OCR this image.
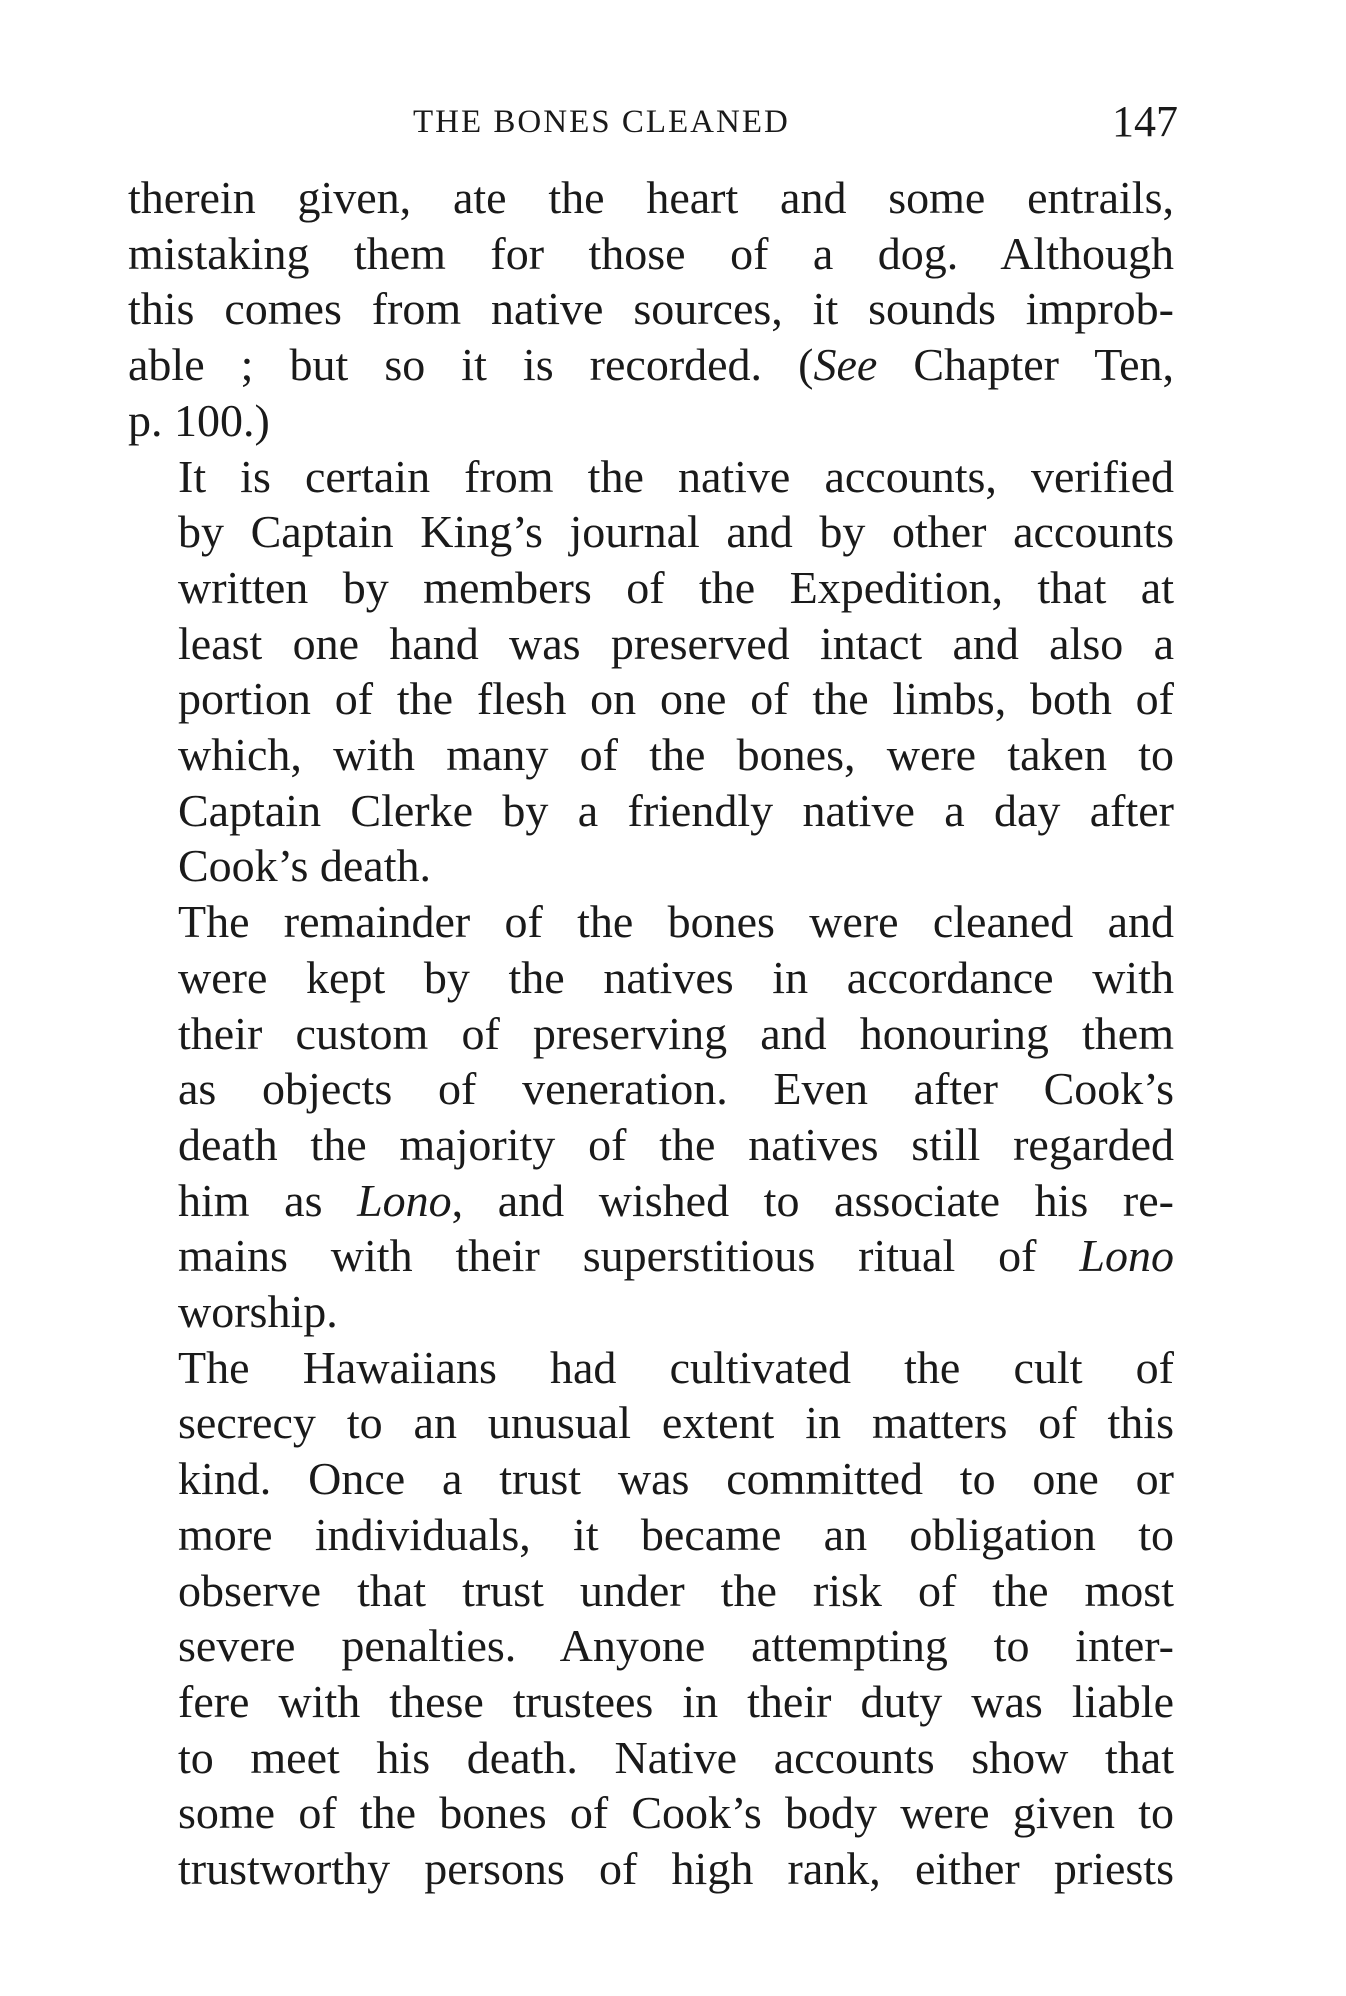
THE BONES CLEANED	147

therein given, ate the heart and some entrails,
mistaking them for those of a dog. Although
this comes from native sources, it sounds improb-
able ; but so it is recorded. (See Chapter Ten,
p. 100.)

It is certain from the native accounts, verified
by Captain King’s journal and by other accounts
written by members of the Expedition, that at
least one hand was preserved intact and also a
portion of the flesh on one of the limbs, both of
which, with many of the bones, were taken to
Captain Clerke by a friendly native a day after
Cook’s death.

The remainder of the bones were cleaned and
were kept by the natives in accordance with
their custom of preserving and honouring them
as objects of veneration. Even after Cook’s
death the majority of the natives still regarded
him as Lono, and wished to associate his re-
mains with their superstitious ritual of Lono
worship.

The Hawaiians had cultivated the cult of
secrecy to an unusual extent in matters of this
kind. Once a trust was committed to one or
more individuals, it became an obligation to
observe that trust under the risk of the most
severe penalties. Anyone attempting to inter-
fere with these trustees in their duty was liable
to meet his death. Native accounts show that
some of the bones of Cook’s body were given to
trustworthy persons of high rank, either priests
